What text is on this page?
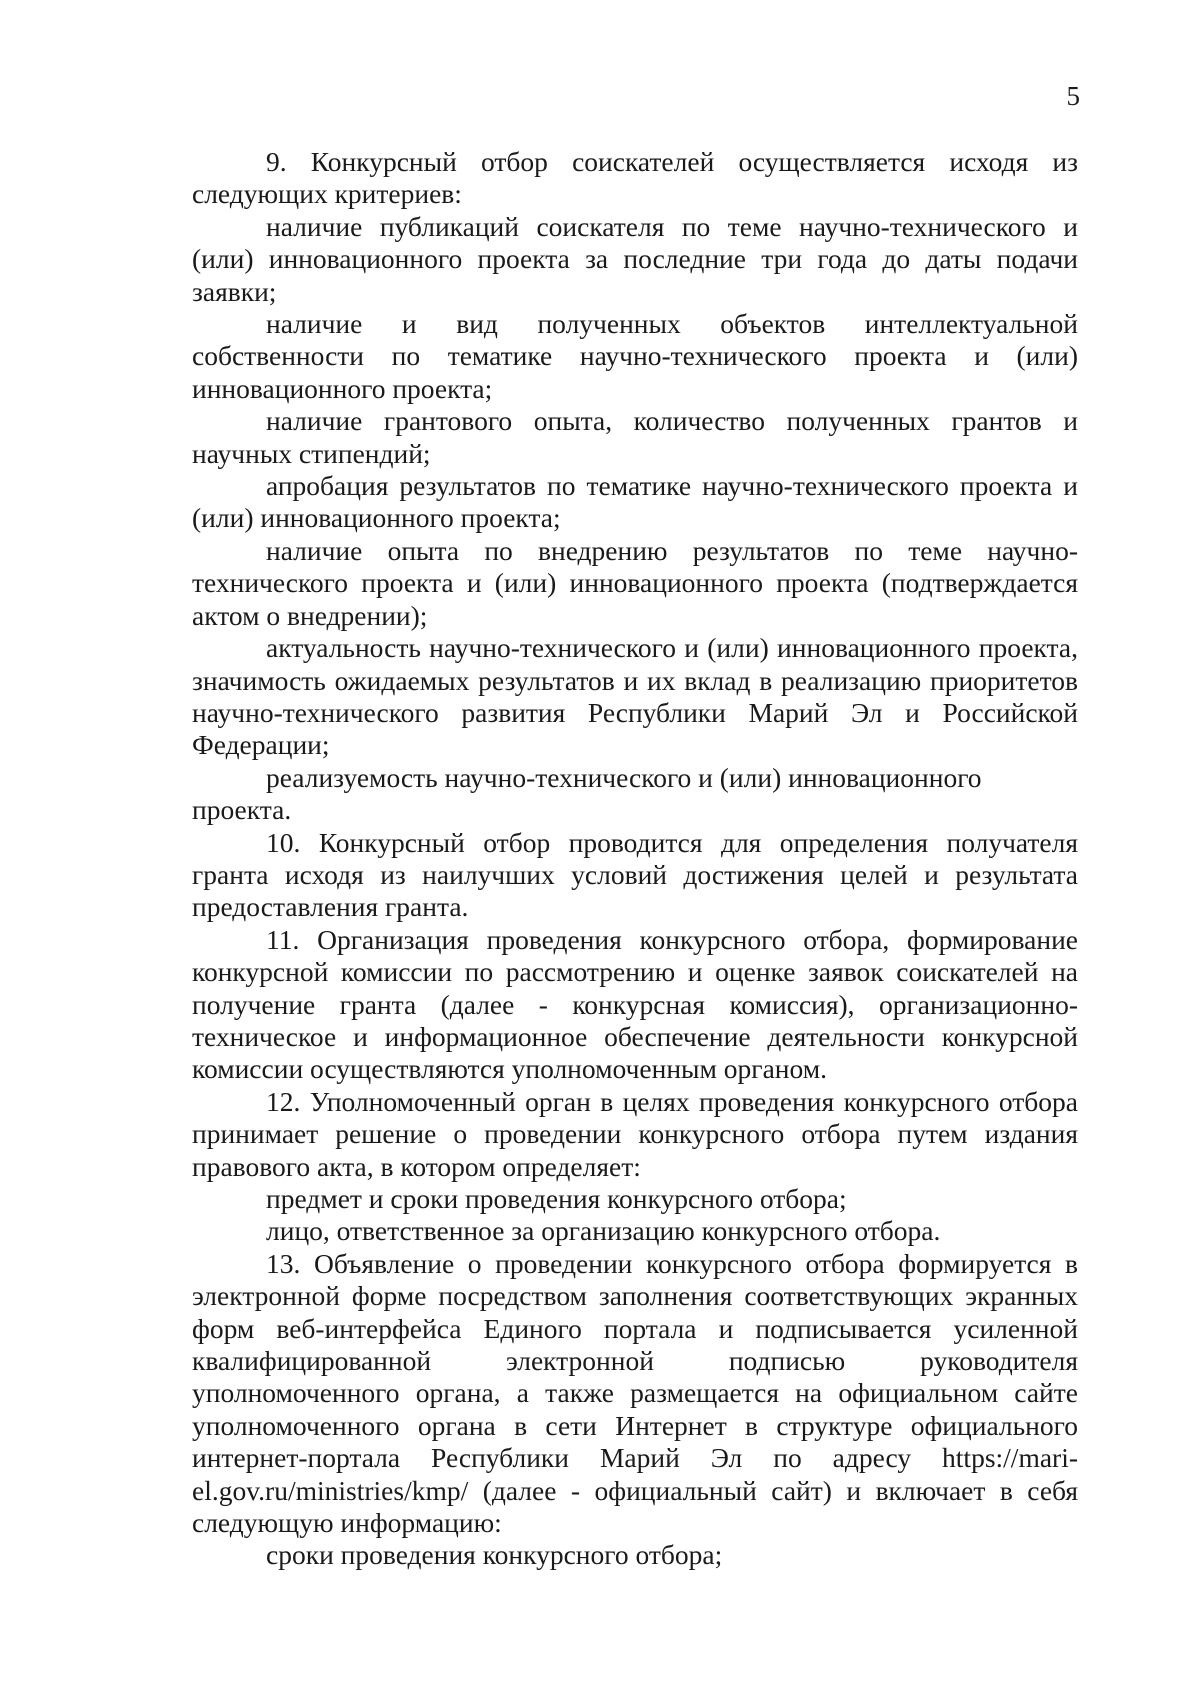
5

9. Конкурсный отбор соискателей осуществляется исходя из следующих критериев:

наличие публикаций соискателя по теме научно-технического и (или) инновационного проекта за последние три года до даты подачи заявки;

наличие и вид полученных объектов интеллектуальной собственности по тематике научно-технического проекта и (или) инновационного проекта;

наличие грантового опыта, количество полученных грантов и научных стипендий;

апробация результатов по тематике научно-технического проекта и (или) инновационного проекта;

наличие опыта по внедрению результатов по теме научно-технического проекта и (или) инновационного проекта (подтверждается актом о внедрении);

актуальность научно-технического и (или) инновационного проекта, значимость ожидаемых результатов и их вклад в реализацию приоритетов научно-технического развития Республики Марий Эл и Российской Федерации;

реализуемость научно-технического и (или) инновационного проекта.

10. Конкурсный отбор проводится для определения получателя гранта исходя из наилучших условий достижения целей и результата предоставления гранта.

11. Организация проведения конкурсного отбора, формирование конкурсной комиссии по рассмотрению и оценке заявок соискателей на получение гранта (далее - конкурсная комиссия), организационно-техническое и информационное обеспечение деятельности конкурсной комиссии осуществляются уполномоченным органом.

12. Уполномоченный орган в целях проведения конкурсного отбора принимает решение о проведении конкурсного отбора путем издания правового акта, в котором определяет:

предмет и сроки проведения конкурсного отбора;

лицо, ответственное за организацию конкурсного отбора.

13. Объявление о проведении конкурсного отбора формируется в электронной форме посредством заполнения соответствующих экранных форм веб-интерфейса Единого портала и подписывается усиленной квалифицированной электронной подписью руководителя уполномоченного органа, а также размещается на официальном сайте уполномоченного органа в сети Интернет в структуре официального интернет-портала Республики Марий Эл по адресу https://mari-el.gov.ru/ministries/kmp/ (далее - официальный сайт) и включает в себя следующую информацию:

сроки проведения конкурсного отбора;
